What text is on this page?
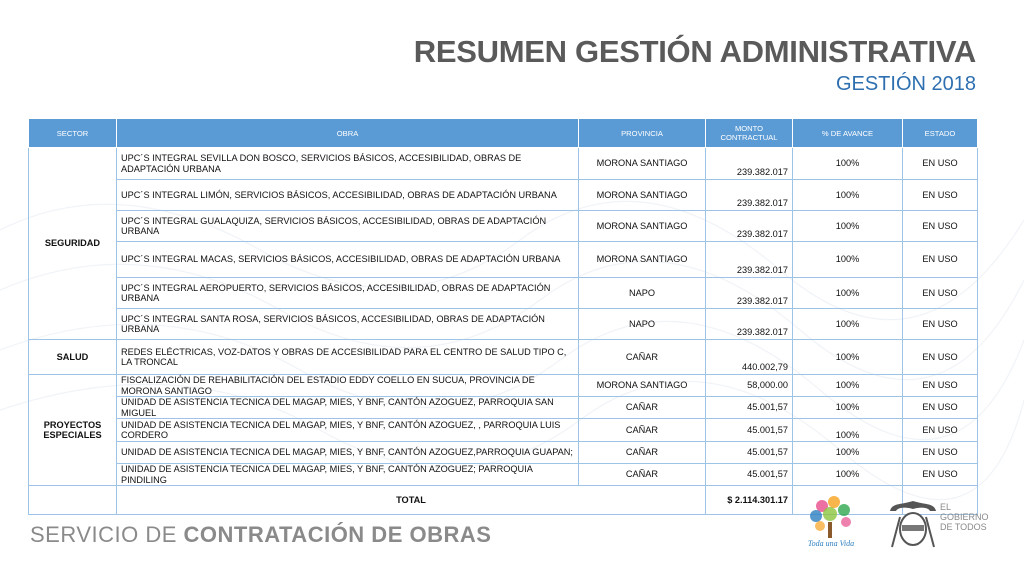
RESUMEN GESTIÓN ADMINISTRATIVA
GESTIÓN 2018
SECTOR	OBRA	PROVINCIA	MONTO CONTRACTUAL	% DE AVANCE	ESTADO
SEGURIDAD	UPC´S INTEGRAL SEVILLA DON BOSCO, SERVICIOS BÁSICOS, ACCESIBILIDAD, OBRAS DE ADAPTACIÓN URBANA	MORONA SANTIAGO	239.382.017	100%	EN USO
	UPC´S INTEGRAL LIMÓN, SERVICIOS BÁSICOS, ACCESIBILIDAD, OBRAS DE ADAPTACIÓN URBANA	MORONA SANTIAGO	239.382.017	100%	EN USO
	UPC´S INTEGRAL GUALAQUIZA, SERVICIOS BÁSICOS, ACCESIBILIDAD, OBRAS DE ADAPTACIÓN URBANA	MORONA SANTIAGO	239.382.017	100%	EN USO
	UPC´S INTEGRAL MACAS, SERVICIOS BÁSICOS, ACCESIBILIDAD, OBRAS DE ADAPTACIÓN URBANA	MORONA SANTIAGO	239.382.017	100%	EN USO
	UPC´S INTEGRAL AEROPUERTO, SERVICIOS BÁSICOS, ACCESIBILIDAD, OBRAS DE ADAPTACIÓN URBANA	NAPO	239.382.017	100%	EN USO
	UPC´S INTEGRAL SANTA ROSA, SERVICIOS BÁSICOS, ACCESIBILIDAD, OBRAS DE ADAPTACIÓN URBANA	NAPO	239.382.017	100%	EN USO
SALUD	REDES ELÉCTRICAS, VOZ-DATOS Y OBRAS DE ACCESIBILIDAD PARA EL CENTRO DE SALUD TIPO C, LA TRONCAL	CAÑAR	440.002,79	100%	EN USO
PROYECTOS ESPECIALES	FISCALIZACIÓN DE REHABILITACIÓN DEL ESTADIO EDDY COELLO EN SUCUA, PROVINCIA DE MORONA SANTIAGO	MORONA SANTIAGO	58,000.00	100%	EN USO
	UNIDAD DE ASISTENCIA TECNICA DEL MAGAP, MIES, Y BNF, CANTÓN AZOGUEZ, PARROQUIA SAN MIGUEL	CAÑAR	45.001,57	100%	EN USO
	UNIDAD DE ASISTENCIA TECNICA DEL MAGAP, MIES, Y BNF, CANTÓN AZOGUEZ, , PARROQUIA LUIS CORDERO	CAÑAR	45.001,57	100%	EN USO
	UNIDAD DE ASISTENCIA TECNICA DEL MAGAP, MIES, Y BNF, CANTÓN AZOGUEZ,PARROQUIA GUAPAN;	CAÑAR	45.001,57	100%	EN USO
	UNIDAD DE ASISTENCIA TECNICA DEL MAGAP, MIES, Y BNF, CANTÓN AZOGUEZ; PARROQUIA PINDILING	CAÑAR	45.001,57	100%	EN USO
	TOTAL		$ 2.114.301.17		
SERVICIO DE CONTRATACIÓN DE OBRAS	Toda una Vida
EL
GOBIERNO
DE TODOS
